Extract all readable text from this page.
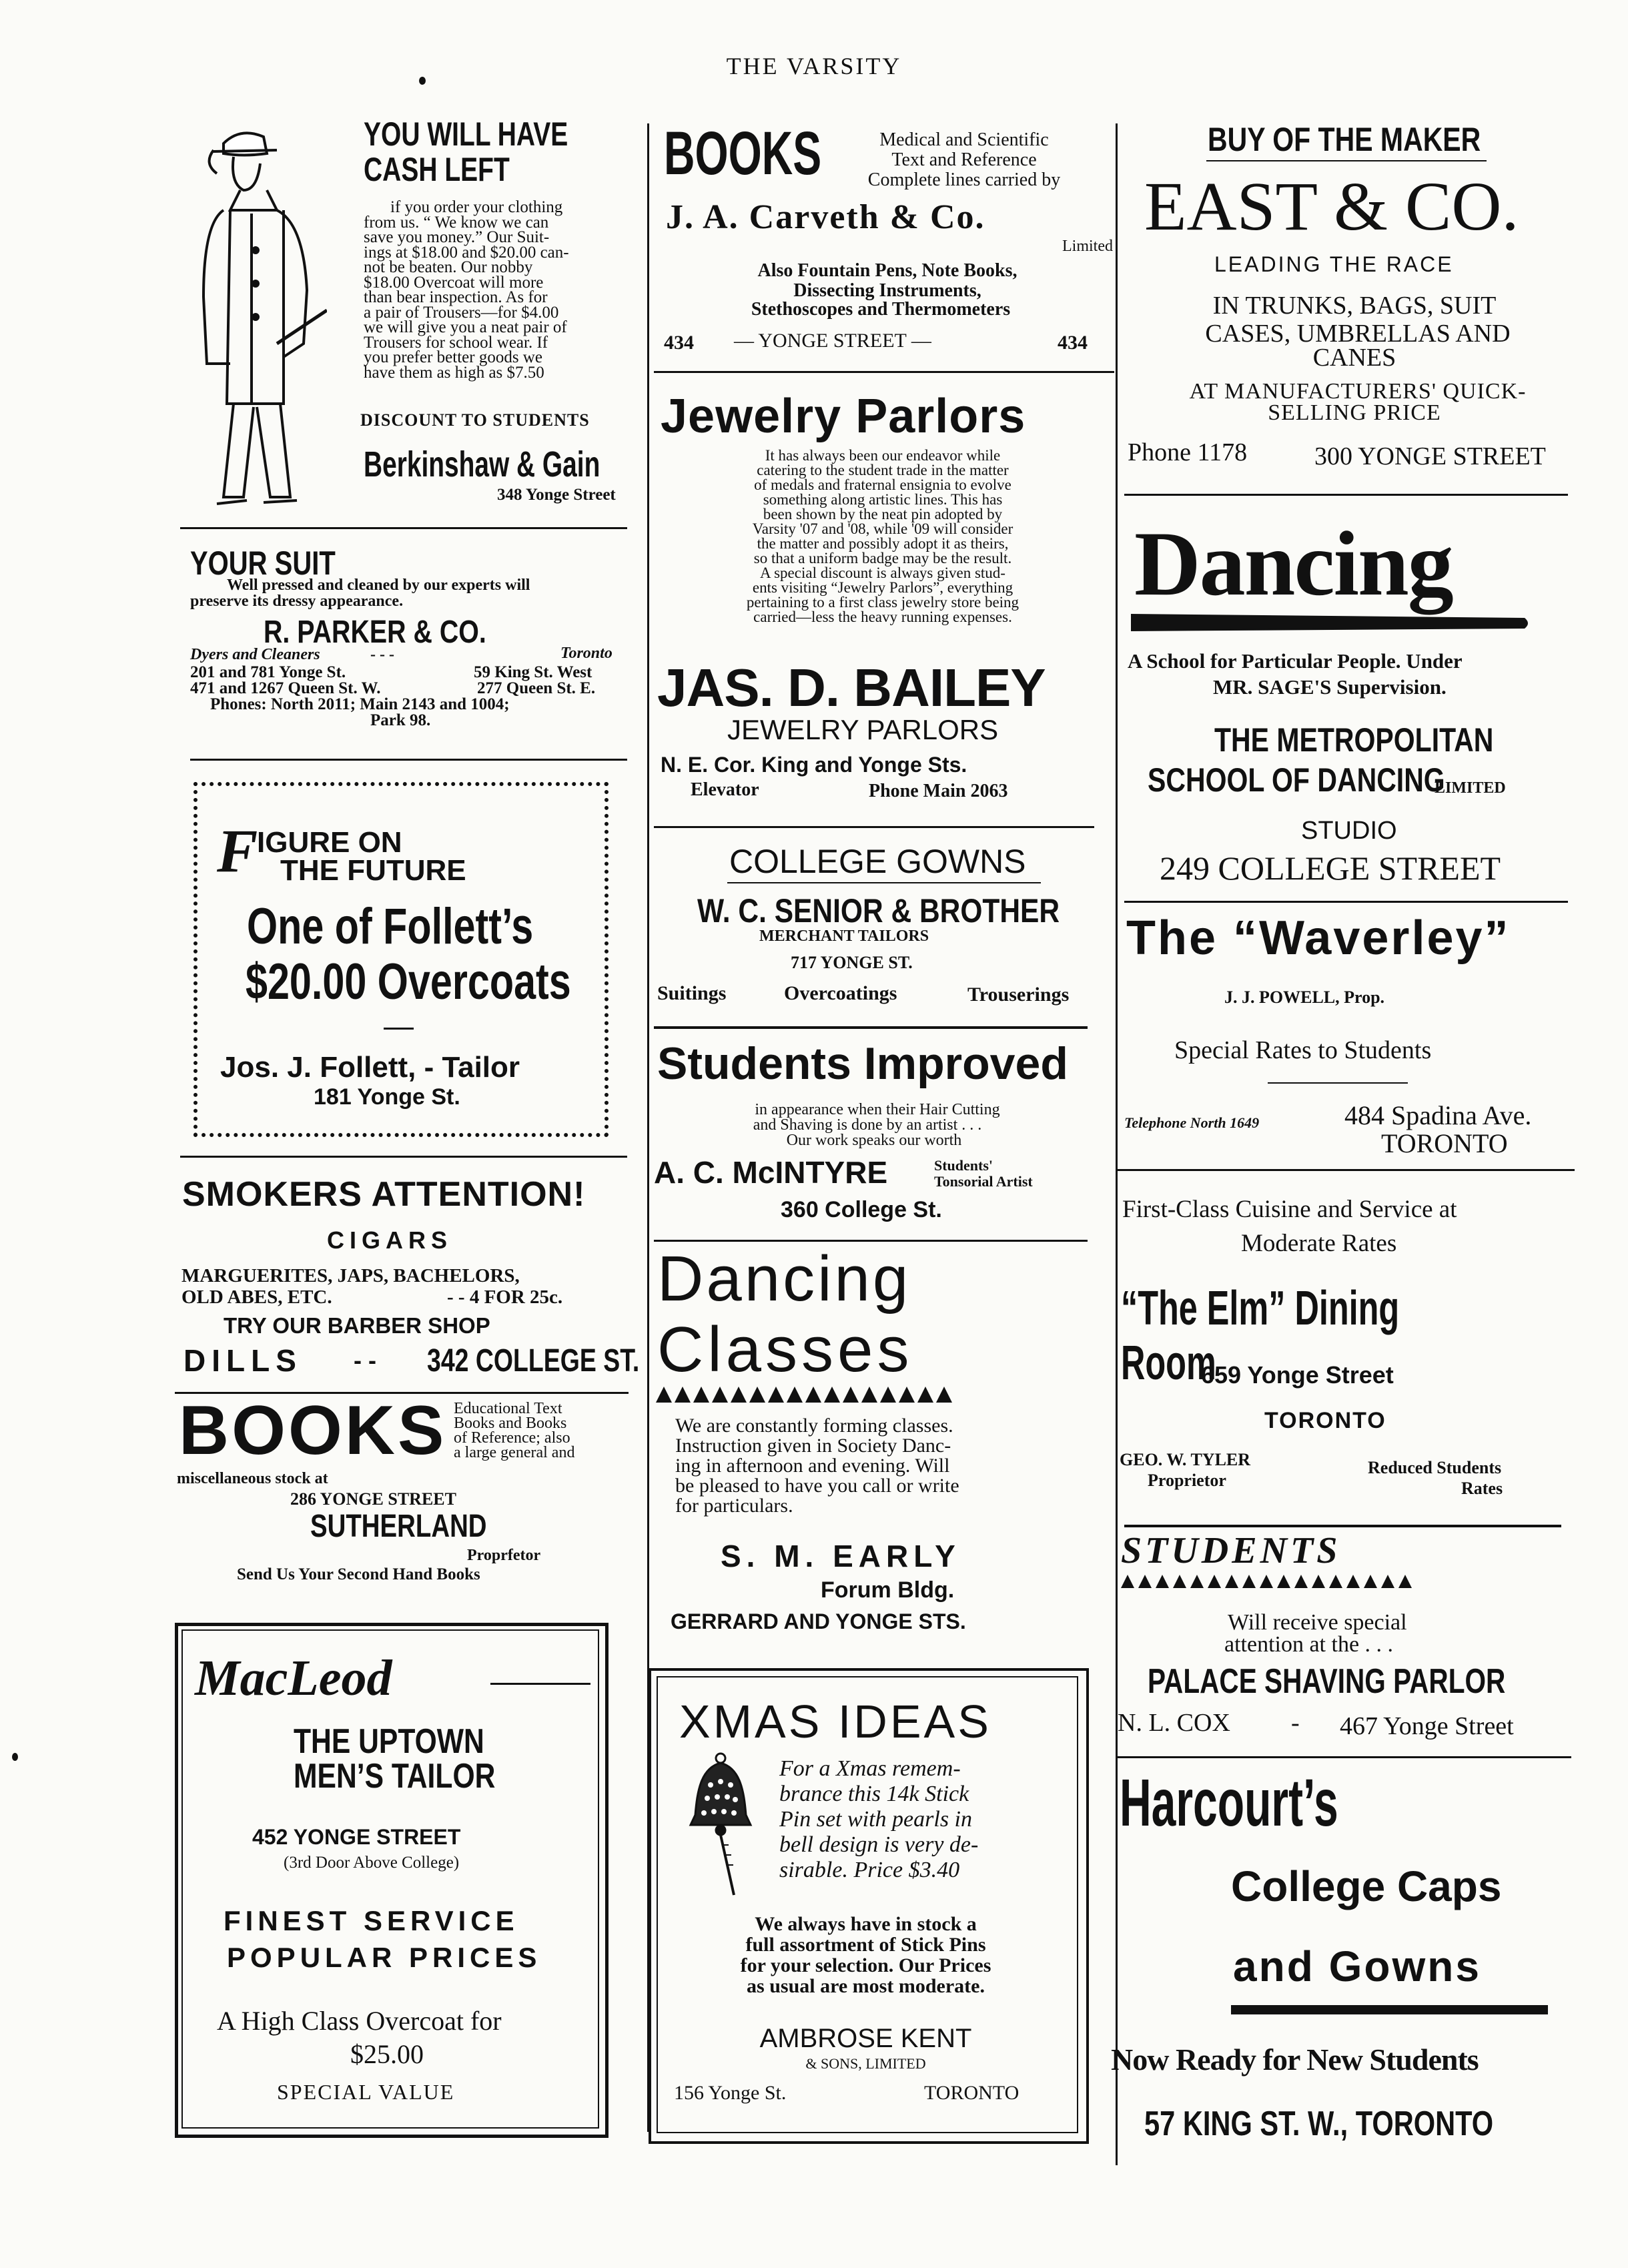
THE VARSITY
YOU WILL HAVE
CASH LEFT
if you order your clothing
from us. “ We know we can
save you money.” Our Suit-
ings at $18.00 and $20.00 can-
not be beaten. Our nobby
$18.00 Overcoat will more
than bear inspection. As for
a pair of Trousers—for $4.00
we will give you a neat pair of
Trousers for school wear. If
you prefer better goods we
have them as high as $7.50
DISCOUNT TO STUDENTS
Berkinshaw & Gain
348 Yonge Street
YOUR SUIT
Well pressed and cleaned by our experts will
preserve its dressy appearance.
R. PARKER & CO.
Dyers and Cleaners	- - -	Toronto
201 and 781 Yonge St.	59 King St. West
471 and 1267 Queen St. W.	277 Queen St. E.
Phones: North 2011; Main 2143 and 1004;
Park 98.
F
IGURE ON
THE FUTURE
One of Follett’s
$20.00 Overcoats
Jos. J. Follett, - Tailor
181 Yonge St.
SMOKERS ATTENTION!
CIGARS
MARGUERITES, JAPS, BACHELORS,
OLD ABES, ETC.	- - 4 FOR 25c.
TRY OUR BARBER SHOP
DILLS - - 342 COLLEGE ST.
BOOKS Educational Text
Books and Books
of Reference; also
a large general and
miscellaneous stock at
286 YONGE STREET
SUTHERLAND
Proprfetor
Send Us Your Second Hand Books
MacLeod
THE UPTOWN
MEN’S TAILOR
452 YONGE STREET
(3rd Door Above College)
FINEST SERVICE
POPULAR PRICES
A High Class Overcoat for
$25.00
SPECIAL VALUE
BOOKS	Medical and Scientific
Text and Reference
Complete lines carried by
J. A. Carveth & Co.
Limited
Also Fountain Pens, Note Books,
Dissecting Instruments,
Stethoscopes and Thermometers
434 — YONGE STREET —	434
Jewelry Parlors
It has always been our endeavor while
catering to the student trade in the matter
of medals and fraternal ensignia to evolve
something along artistic lines. This has
been shown by the neat pin adopted by
Varsity '07 and '08, while '09 will consider
the matter and possibly adopt it as theirs,
so that a uniform badge may be the result.
A special discount is always given stud-
ents visiting “Jewelry Parlors”, everything
pertaining to a first class jewelry store being
carried—less the heavy running expenses.
JAS. D. BAILEY
JEWELRY PARLORS
N. E. Cor. King and Yonge Sts.
Elevator	Phone Main 2063
COLLEGE GOWNS
W. C. SENIOR & BROTHER
MERCHANT TAILORS
717 YONGE ST.
Suitings	Overcoatings	Trouserings
Students Improved
in appearance when their Hair Cutting
and Shaving is done by an artist . . .
Our work speaks our worth
A. C. McINTYRE	Students'
Tonsorial Artist
360 College St.
Dancing
Classes
We are constantly forming classes.
Instruction given in Society Danc-
ing in afternoon and evening. Will
be pleased to have you call or write
for particulars.
S. M. EARLY
Forum Bldg.
GERRARD AND YONGE STS.
XMAS IDEAS
For a Xmas remem-
brance this 14k Stick
Pin set with pearls in
bell design is very de-
sirable. Price $3.40
We always have in stock a
full assortment of Stick Pins
for your selection. Our Prices
as usual are most moderate.
AMBROSE KENT
& SONS, LIMITED
156 Yonge St.	TORONTO
BUY OF THE MAKER
EAST & CO.
LEADING THE RACE
IN TRUNKS, BAGS, SUIT
CASES, UMBRELLAS AND
CANES
AT MANUFACTURERS' QUICK-
SELLING PRICE
Phone 1178	300 YONGE STREET
Dancing
A School for Particular People. Under
MR. SAGE'S Supervision.
THE METROPOLITAN
SCHOOL OF DANCING
LIMITED
STUDIO
249 COLLEGE STREET
The “Waverley”
J. J. POWELL, Prop.
Special Rates to Students
Telephone North 1649	484 Spadina Ave.
TORONTO
First-Class Cuisine and Service at
Moderate Rates
“The Elm” Dining Room
659 Yonge Street
TORONTO
GEO. W. TYLER
Proprietor
Reduced Students
Rates
STUDENTS
Will receive special
attention at the . . .
PALACE SHAVING PARLOR
N. L. COX - 467 Yonge Street
Harcourt’s
College Caps
and Gowns
Now Ready for New Students
57 KING ST. W., TORONTO
